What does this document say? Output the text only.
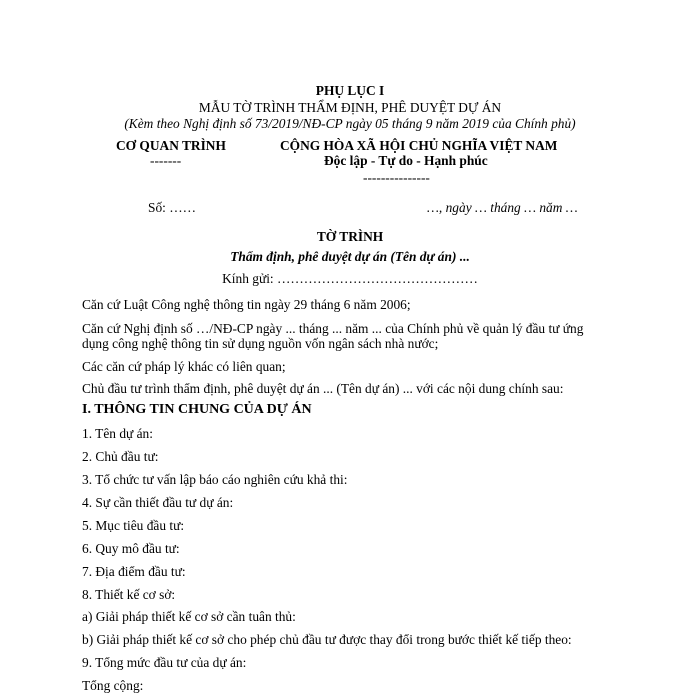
PHỤ LỤC I
MẪU TỜ TRÌNH THẨM ĐỊNH, PHÊ DUYỆT DỰ ÁN
(Kèm theo Nghị định số 73/2019/NĐ-CP ngày 05 tháng 9 năm 2019 của Chính phủ)
CƠ QUAN TRÌNH
-------
CỘNG HÒA XÃ HỘI CHỦ NGHĨA VIỆT NAM
Độc lập - Tự do - Hạnh phúc
---------------
Số: ……	…, ngày … tháng … năm …
TỜ TRÌNH
Thẩm định, phê duyệt dự án (Tên dự án) ...
Kính gửi: ………………………………………
Căn cứ Luật Công nghệ thông tin ngày 29 tháng 6 năm 2006;
Căn cứ Nghị định số …/NĐ-CP ngày ... tháng ... năm ... của Chính phủ về quản lý đầu tư ứng
dụng công nghệ thông tin sử dụng nguồn vốn ngân sách nhà nước;
Các căn cứ pháp lý khác có liên quan;
Chủ đầu tư trình thẩm định, phê duyệt dự án ... (Tên dự án) ... với các nội dung chính sau:
I. THÔNG TIN CHUNG CỦA DỰ ÁN
1. Tên dự án:
2. Chủ đầu tư:
3. Tổ chức tư vấn lập báo cáo nghiên cứu khả thi:
4. Sự cần thiết đầu tư dự án:
5. Mục tiêu đầu tư:
6. Quy mô đầu tư:
7. Địa điểm đầu tư:
8. Thiết kế cơ sở:
a) Giải pháp thiết kế cơ sở cần tuân thủ:
b) Giải pháp thiết kế cơ sở cho phép chủ đầu tư được thay đổi trong bước thiết kế tiếp theo:
9. Tổng mức đầu tư của dự án:
Tổng cộng:
